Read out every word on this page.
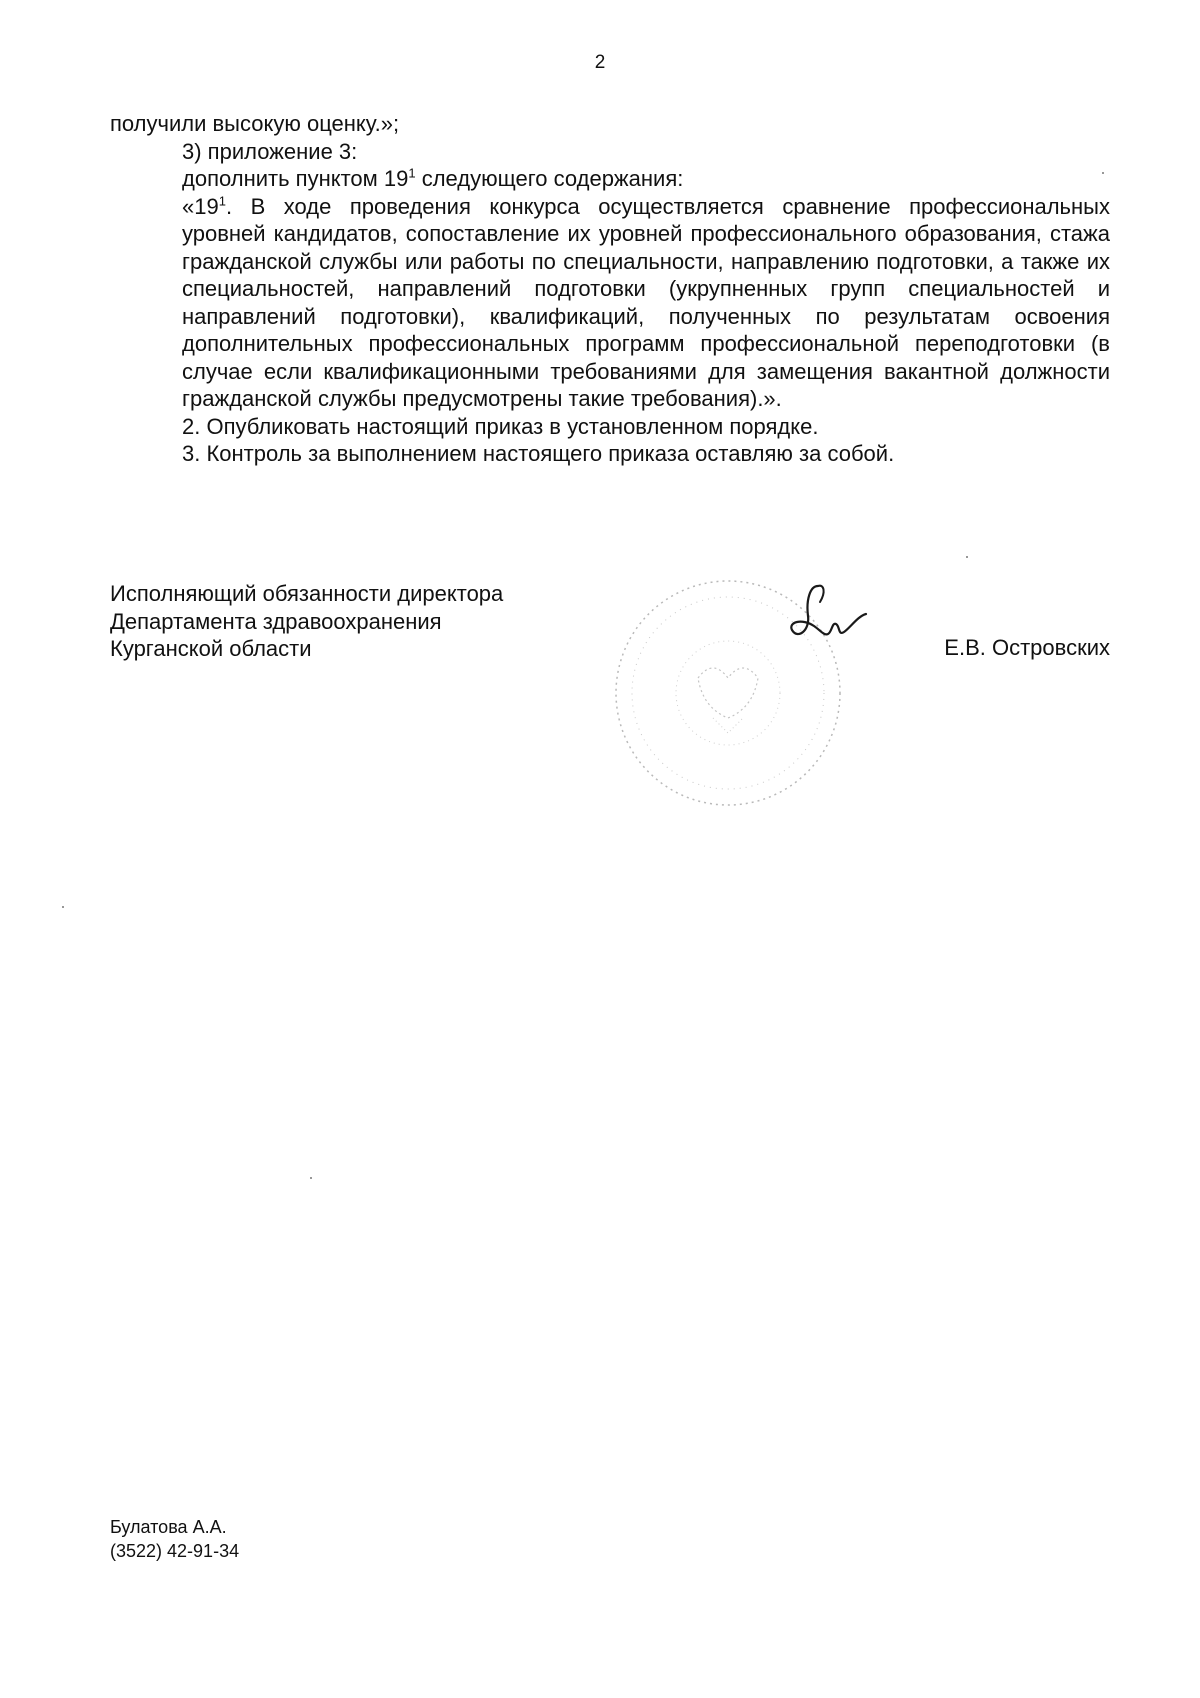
2
получили высокую оценку.»;
3) приложение 3:
дополнить пунктом $19^1$ следующего содержания:
«$19^1$. В ходе проведения конкурса осуществляется сравнение профессиональных уровней кандидатов, сопоставление их уровней профессионального образования, стажа гражданской службы или работы по специальности, направлению подготовки, а также их специальностей, направлений подготовки (укрупненных групп специальностей и направлений подготовки), квалификаций, полученных по результатам освоения дополнительных профессиональных программ профессиональной переподготовки (в случае если квалификационными требованиями для замещения вакантной должности гражданской службы предусмотрены такие требования).».
2. Опубликовать настоящий приказ в установленном порядке.
3. Контроль за выполнением настоящего приказа оставляю за собой.
Исполняющий обязанности директора
Департамента здравоохранения
Курганской области	Е.В. Островских
Булатова А.А.
(3522) 42-91-34
